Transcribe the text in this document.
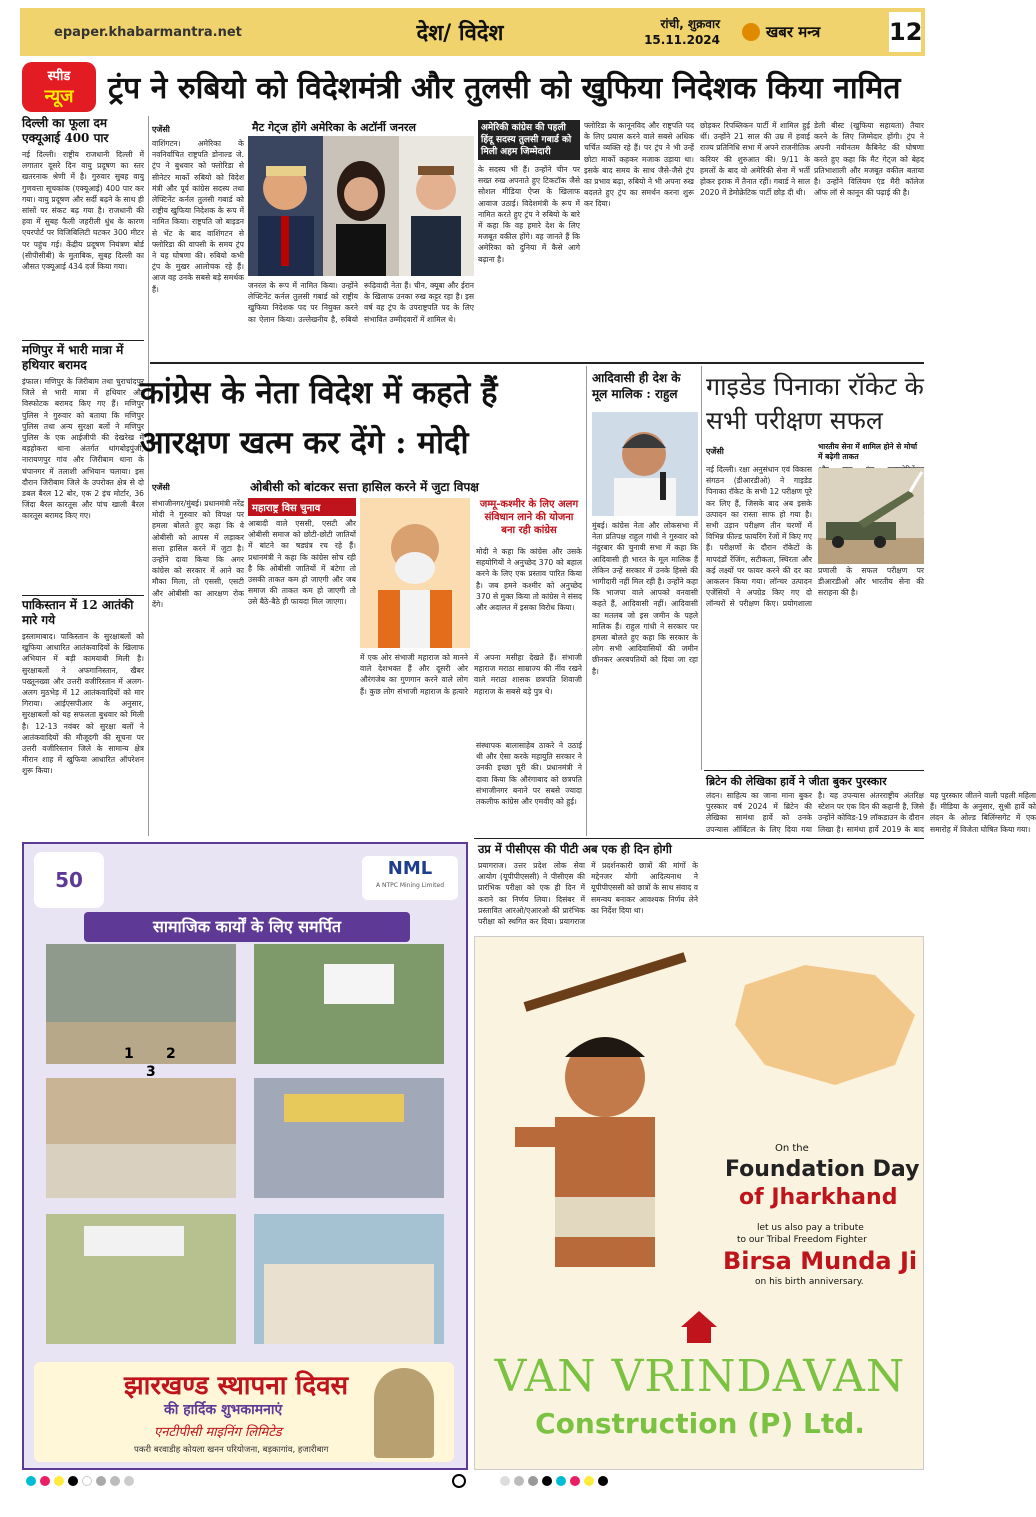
epaper.khabarmantra.net	देश/ विदेश	रांची, शुक्रवार
15.11.2024	खबर मन्त्र	12
स्पीड
न्यूज	ट्रंप ने रुबियो को विदेशमंत्री और तुलसी को खुफिया निदेशक किया नामित
दिल्ली का फूला दम एक्यूआई 400 पार
नई दिल्ली। राष्ट्रीय राजधानी दिल्ली में लगातार दूसरे दिन वायु प्रदूषण का स्तर खतरनाक श्रेणी में है। गुरुवार सुबह वायु गुणवत्ता सूचकांक (एक्यूआई) 400 पार कर गया। वायु प्रदूषण और सर्दी बढ़ने के साथ ही सांसों पर संकट बढ़ गया है। राजधानी की हवा में सुबह फैली जहरीली धुंध के कारण एयरपोर्ट पर विजिबिलिटी घटकर 300 मीटर पर पहुंच गई। केंद्रीय प्रदूषण नियंत्रण बोर्ड (सीपीसीबी) के मुताबिक, सुबह दिल्ली का औसत एक्यूआई 434 दर्ज किया गया।
मणिपुर में भारी मात्रा में हथियार बरामद
इंफाल। मणिपुर के जिरीबाम तथा चुराचांदपुर जिले से भारी मात्रा में हथियार और विस्फोटक बरामद किए गए हैं। मणिपुर पुलिस ने गुरुवार को बताया कि मणिपुर पुलिस तथा अन्य सुरक्षा बलों ने मणिपुर पुलिस के एक आईजीपी की देखरेख में बड़होकरा थाना अंतर्गत थांगबोइपुंजी, नारायणपुर गांव और जिरीबाम थाना के चंपानगर में तलाशी अभियान चलाया। इस दौरान जिरीबाम जिले के उपरोक्त क्षेत्र से दो डबल बैरल 12 बोर, एक 2 इंच मोर्टार, 36 जिंदा बैरल कारतूस और पांच खाली बैरल कारतूस बरामद किए गए।
पाकिस्तान में 12 आतंकी मारे गये
इस्लामाबाद। पाकिस्तान के सुरक्षाबलों को खुफिया आधारित आतंकवादियों के खिलाफ अभियान में बड़ी कामयाबी मिली है। सुरक्षाबलों ने अफगानिस्तान, खैबर पख्तूनख्वा और उत्तरी वजीरिस्तान में अलग-अलग मुठभेड़ में 12 आतंकवादियों को मार गिराया। आईएसपीआर के अनुसार, सुरक्षाबलों को यह सफलता बुधवार को मिली है। 12-13 नवंबर को सुरक्षा बलों ने आतंकवादियों की मौजूदगी की सूचना पर उत्तरी वजीरिस्तान जिले के सामान्य क्षेत्र मीरान शाह में खुफिया आधारित ऑपरेशन शुरू किया।
मैट गेट्ज होंगे अमेरिका के अटॉर्नी जनरल
एजेंसी
वाशिंगटन। अमेरिका के नवनिर्वाचित राष्ट्रपति डोनाल्ड जे. ट्रंप ने बुधवार को फ्लोरिडा से सीनेटर मार्को रुबियो को विदेश मंत्री और पूर्व कांग्रेस सदस्य तथा लेफ्टिनेंट कर्नल तुलसी गबार्ड को राष्ट्रीय खुफिया निदेशक के रूप में नामित किया। राष्ट्रपति जो बाइडन से भेंट के बाद वाशिंगटन से फ्लोरिडा की वापसी के समय ट्रंप ने यह घोषणा की। रुबियो कभी ट्रंप के मुखर आलोचक रहे हैं। आज वह उनके सबसे बड़े समर्थक हैं।	जनरल के रूप में नामित किया। उन्होंने लेफ्टिनेंट कर्नल तुलसी गबार्ड को राष्ट्रीय खुफिया निदेशक पद पर नियुक्त करने का ऐलान किया। उल्लेखनीय है, रुबियो रूढ़िवादी नेता हैं। चीन, क्यूबा और ईरान के खिलाफ उनका रुख कट्टर रहा है। इस वर्ष वह ट्रंप के उपराष्ट्रपति पद के लिए संभावित उम्मीदवारों में शामिल थे।
अमेरिकी कांग्रेस की पहली हिंदू सदस्य तुलसी गबार्ड को मिली अहम जिम्मेदारी
के सदस्य भी हैं। उन्होंने चीन पर सख्त रुख अपनाते हुए टिकटॉक जैसे सोशल मीडिया ऐप्स के खिलाफ आवाज उठाई। विदेशमंत्री के रूप में नामित करते हुए ट्रंप ने रुबियो के बारे में कहा कि वह हमारे देश के लिए मजबूत वकील होंगे। वह जानते हैं कि अमेरिका को दुनिया में कैसे आगे बढ़ाना है।
फ्लोरिडा के कानूनविद और राष्ट्रपति पद के लिए प्रयास करने वाले सबसे अधिक चर्चित व्यक्ति रहे हैं। पर ट्रंप ने भी उन्हें छोटा मार्को कहकर मजाक उड़ाया था। इसके बाद समय के साथ जैसे-जैसे ट्रंप का प्रभाव बढ़ा, रुबियो ने भी अपना रुख बदलते हुए ट्रंप का समर्थन करना शुरू कर दिया।
छोड़कर रिपब्लिकन पार्टी में शामिल हुई थीं। उन्होंने 21 साल की उम्र में हवाई राज्य प्रतिनिधि सभा में अपने राजनीतिक करियर की शुरुआत की। 9/11 के हमलों के बाद वो अमेरिकी सेना में भर्ती होकर इराक में तैनात रहीं। गबार्ड ने साल 2020 में डेमोक्रेटिक पार्टी छोड़ दी थी।
डेली बीस्ट (खुफिया सहायता) तैयार करने के लिए जिम्मेदार होंगी। ट्रंप ने अपनी नवीनतम कैबिनेट की घोषणा करते हुए कहा कि मैट गेट्ज को बेहद प्रतिभाशाली और मजबूत वकील बताया है। उन्होंने विलियम एंड मैरी कॉलेज ऑफ लॉ से कानून की पढ़ाई की है।
कांग्रेस के नेता विदेश में कहते हैं आरक्षण खत्म कर देंगे : मोदी
एजेंसी	ओबीसी को बांटकर सत्ता हासिल करने में जुटा विपक्ष
संभाजीनगर/मुंबई। प्रधानमंत्री नरेंद्र मोदी ने गुरुवार को विपक्ष पर हमला बोलते हुए कहा कि वे ओबीसी को आपस में लड़ाकर सत्ता हासिल करने में जुटा है। उन्होंने दावा किया कि अगर कांग्रेस को सरकार में आने का मौका मिला, तो एससी, एसटी और ओबीसी का आरक्षण रोक देंगे।
महाराष्ट्र विस चुनाव
आबादी वाले एससी, एसटी और ओबीसी समाज को छोटी-छोटी जातियों में बांटने का षड्यंत्र रच रहे हैं। प्रधानमंत्री ने कहा कि कांग्रेस सोच रही है कि ओबीसी जातियों में बंटेगा तो उसकी ताकत कम हो जाएगी और जब समाज की ताकत कम हो जाएगी तो उसे बैठे-बैठे ही फायदा मिल जाएगा।
जम्मू-कश्मीर के लिए अलग संविधान लाने की योजना बना रही कांग्रेस
मोदी ने कहा कि कांग्रेस और उसके सहयोगियों ने अनुच्छेद 370 को बहाल करने के लिए एक प्रस्ताव पारित किया है। जब हमने कश्मीर को अनुच्छेद 370 से मुक्त किया तो कांग्रेस ने संसद और अदालत में इसका विरोध किया।
में एक ओर संभाजी महाराज को मानने वाले देशभक्त हैं और दूसरी ओर औरंगजेब का गुणगान करने वाले लोग हैं। कुछ लोग संभाजी महाराज के हत्यारे में अपना मसीहा देखते हैं। संभाजी महाराज मराठा साम्राज्य की नींव रखने वाले मराठा शासक छत्रपति शिवाजी महाराज के सबसे बड़े पुत्र थे।
आदिवासी ही देश के मूल मालिक : राहुल
मुंबई। कांग्रेस नेता और लोकसभा में नेता प्रतिपक्ष राहुल गांधी ने गुरुवार को नंदुरबार की चुनावी सभा में कहा कि आदिवासी ही भारत के मूल मालिक हैं लेकिन उन्हें सरकार में उनके हिस्से की भागीदारी नहीं मिल रही है। उन्होंने कहा कि भाजपा वाले आपको वनवासी कहते हैं, आदिवासी नहीं। आदिवासी का मतलब जो इस जमीन के पहले मालिक हैं। राहुल गांधी ने सरकार पर हमला बोलते हुए कहा कि सरकार के लोग सभी आदिवासियों की जमीन छीनकर अरबपतियों को दिया जा रहा है।
संस्थापक बालासाहेब ठाकरे ने उठाई थी और ऐसा करके महायुति सरकार ने उनकी इच्छा पूरी की। प्रधानमंत्री ने दावा किया कि औरंगाबाद को छत्रपति संभाजीनगर बनाने पर सबसे ज्यादा तकलीफ कांग्रेस और एमवीए को हुई।
गाइडेड पिनाका रॉकेट के सभी परीक्षण सफल
भारतीय सेना में शामिल होने से मोर्चा में बढ़ेगी ताकत
एजेंसी
नई दिल्ली। रक्षा अनुसंधान एवं विकास संगठन (डीआरडीओ) ने गाइडेड पिनाका रॉकेट के सभी 12 परीक्षण पूरे कर लिए हैं, जिसके बाद अब इसके उत्पादन का रास्ता साफ हो गया है। सभी उड़ान परीक्षण तीन चरणों में विभिन्न फील्ड फायरिंग रेंजों में किए गए हैं। परीक्षणों के दौरान रॉकेटों के मापदंडों रेंजिंग, सटीकता, स्थिरता और कई लक्ष्यों पर फायर करने की दर का आकलन किया गया। लॉन्चर उत्पादन एजेंसियों ने अपग्रेड किए गए दो लॉन्चरों से परीक्षण किए। प्रयोगशाला प्रणाली के सफल परीक्षण पर डीआरडीओ और भारतीय सेना की सराहना की है।
ब्रिटेन की लेखिका हार्वे ने जीता बुकर पुरस्कार
लंदन। साहित्य का जाना माना बुकर पुरस्कार वर्ष 2024 में ब्रिटेन की लेखिका सामंथा हार्वे को उनके उपन्यास ऑर्बिटल के लिए दिया गया है। यह उपन्यास अंतरराष्ट्रीय अंतरिक्ष स्टेशन पर एक दिन की कहानी है, जिसे उन्होंने कोविड-19 लॉकडाउन के दौरान लिखा है। सामंथा हार्वे 2019 के बाद यह पुरस्कार जीतने वाली पहली महिला हैं। मीडिया के अनुसार, सुश्री हार्वे को लंदन के ओल्ड बिलिंग्सगेट में एक समारोह में विजेता घोषित किया गया।
उप्र में पीसीएस की पीटी अब एक ही दिन होगी
प्रयागराज। उत्तर प्रदेश लोक सेवा आयोग (यूपीपीएससी) ने पीसीएस की प्रारंभिक परीक्षा को एक ही दिन में कराने का निर्णय लिया। दिसंबर में प्रस्तावित आरओ/एआरओ की प्रारंभिक परीक्षा को स्थगित कर दिया। प्रयागराज में प्रदर्शनकारी छात्रों की मांगों के मद्देनजर योगी आदित्यनाथ ने यूपीपीएससी को छात्रों के साथ संवाद व समन्वय बनाकर आवश्यक निर्णय लेने का निर्देश दिया था।
50	NML
A NTPC Mining Limited
सामाजिक कार्यों के लिए समर्पित
1 2
3
झारखण्ड स्थापना दिवस
की हार्दिक शुभकामनाएं
एनटीपीसी माइनिंग लिमिटेड
पकरी बरवाडीह कोयला खनन परियोजना, बड़कागांव, हजारीबाग
On the
Foundation Day
of Jharkhand
let us also pay a tribute
to our Tribal Freedom Fighter
Birsa Munda Ji
on his birth anniversary.
VAN VRINDAVAN
Construction (P) Ltd.
